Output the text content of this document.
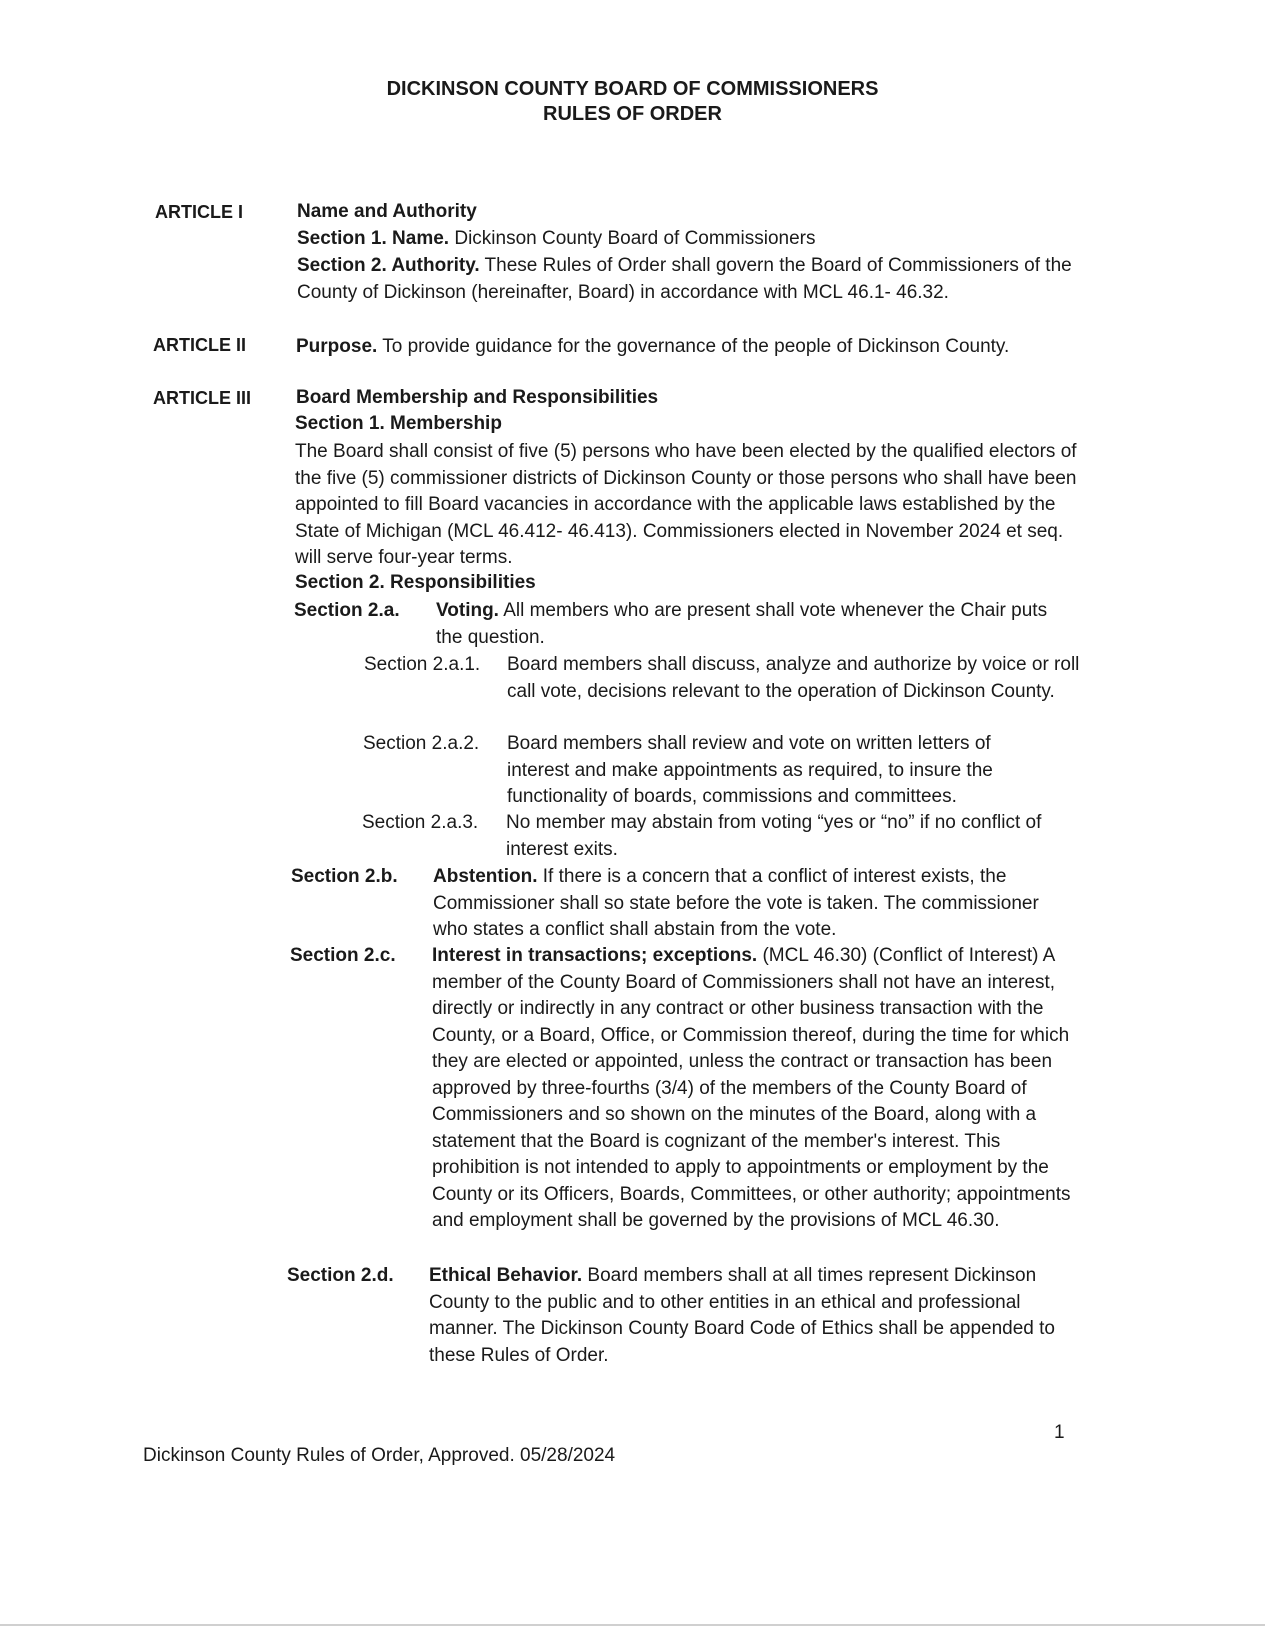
DICKINSON COUNTY BOARD OF COMMISSIONERS
RULES OF ORDER
ARTICLE I	Name and Authority
Section 1. Name. Dickinson County Board of Commissioners
Section 2. Authority. These Rules of Order shall govern the Board of Commissioners of the County of Dickinson (hereinafter, Board) in accordance with MCL 46.1- 46.32.
ARTICLE II	Purpose. To provide guidance for the governance of the people of Dickinson County.
ARTICLE III Board Membership and Responsibilities
Section 1. Membership
The Board shall consist of five (5) persons who have been elected by the qualified electors of the five (5) commissioner districts of Dickinson County or those persons who shall have been appointed to fill Board vacancies in accordance with the applicable laws established by the State of Michigan (MCL 46.412- 46.413). Commissioners elected in November 2024 et seq. will serve four-year terms.
Section 2. Responsibilities
Section 2.a. Voting. All members who are present shall vote whenever the Chair puts the question.
Section 2.a.1. Board members shall discuss, analyze and authorize by voice or roll call vote, decisions relevant to the operation of Dickinson County.
Section 2.a.2. Board members shall review and vote on written letters of interest and make appointments as required, to insure the functionality of boards, commissions and committees.
Section 2.a.3. No member may abstain from voting “yes or “no” if no conflict of interest exits.
Section 2.b. Abstention. If there is a concern that a conflict of interest exists, the Commissioner shall so state before the vote is taken. The commissioner who states a conflict shall abstain from the vote.
Section 2.c. Interest in transactions; exceptions. (MCL 46.30) (Conflict of Interest) A member of the County Board of Commissioners shall not have an interest, directly or indirectly in any contract or other business transaction with the County, or a Board, Office, or Commission thereof, during the time for which they are elected or appointed, unless the contract or transaction has been approved by three-fourths (3/4) of the members of the County Board of Commissioners and so shown on the minutes of the Board, along with a statement that the Board is cognizant of the member's interest. This prohibition is not intended to apply to appointments or employment by the County or its Officers, Boards, Committees, or other authority; appointments and employment shall be governed by the provisions of MCL 46.30.
Section 2.d. Ethical Behavior. Board members shall at all times represent Dickinson County to the public and to other entities in an ethical and professional manner. The Dickinson County Board Code of Ethics shall be appended to these Rules of Order.
1
Dickinson County Rules of Order, Approved. 05/28/2024
